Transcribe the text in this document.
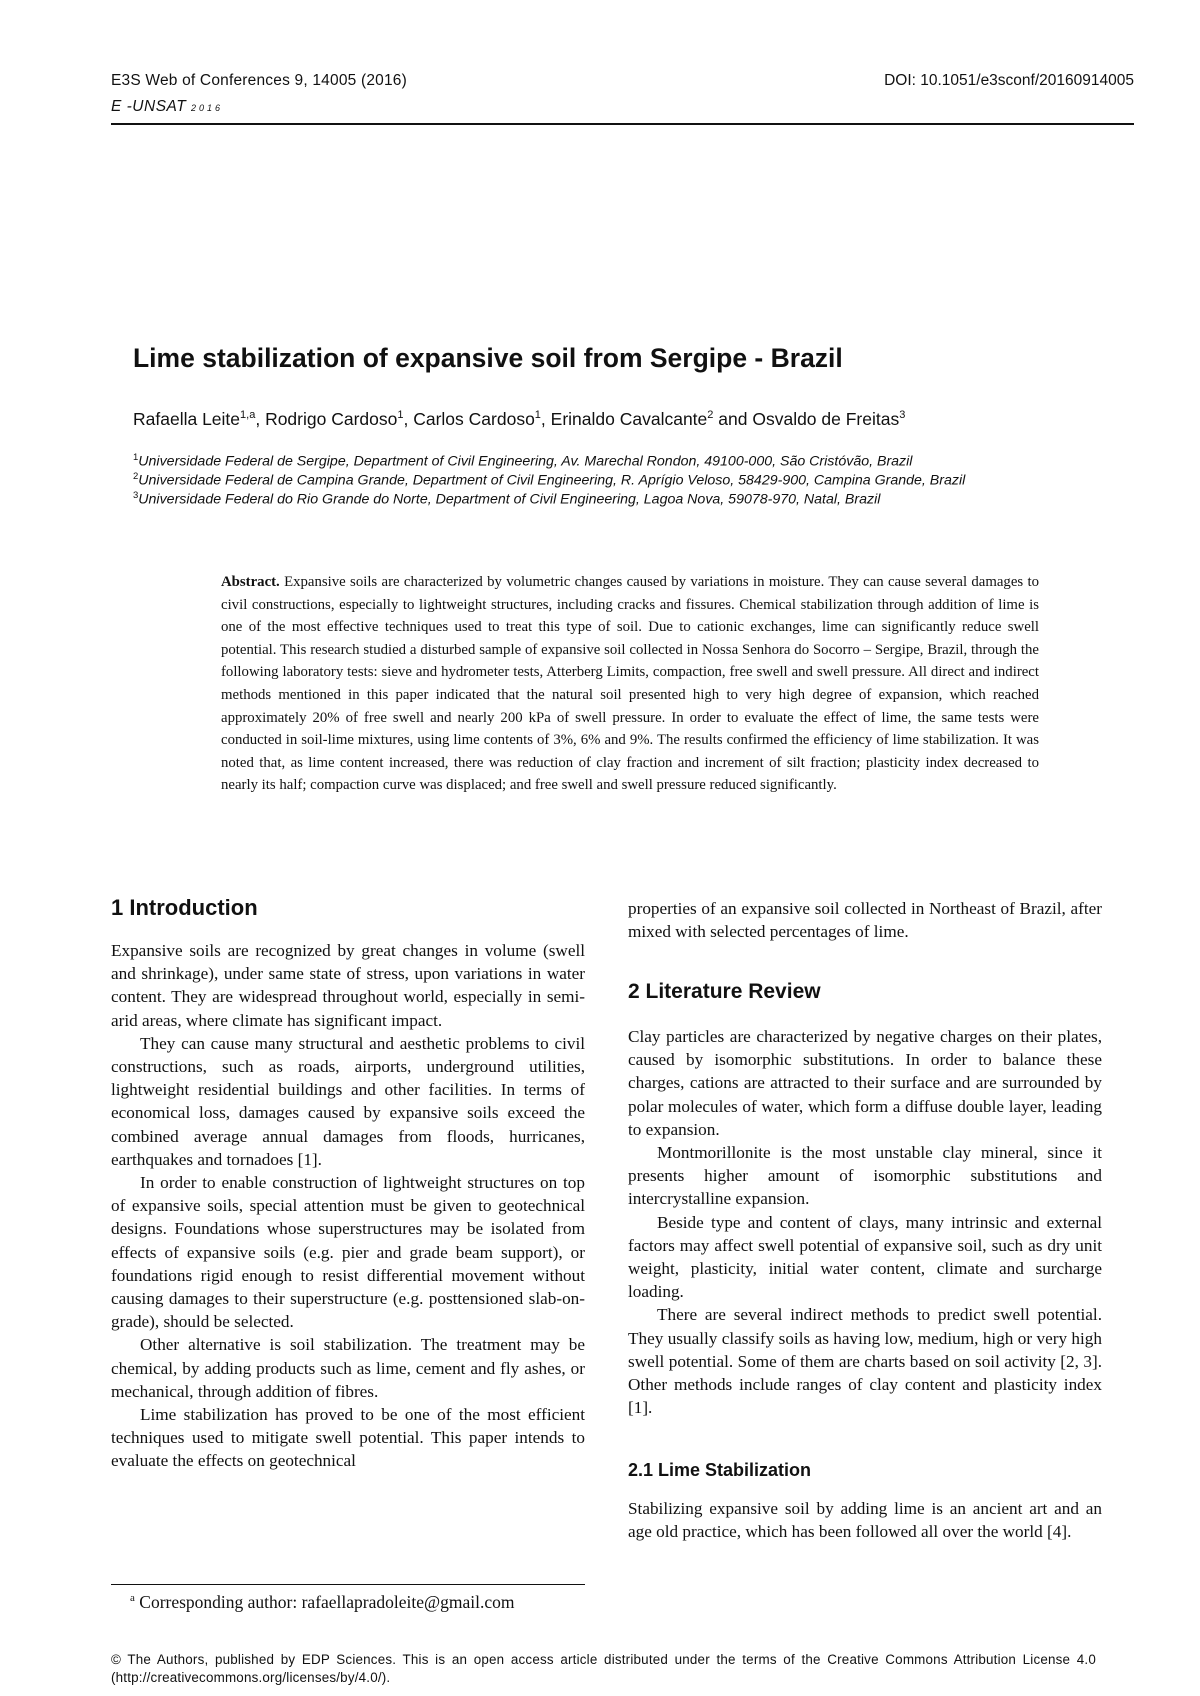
E3S Web of Conferences 9, 14005 (2016)
E -UNSAT 2016
DOI: 10.1051/e3sconf/20160914005
Lime stabilization of expansive soil from Sergipe - Brazil
Rafaella Leite$^{1,a}$, Rodrigo Cardoso$^1$, Carlos Cardoso$^1$, Erinaldo Cavalcante$^2$ and Osvaldo de Freitas$^3$
$^1$Universidade Federal de Sergipe, Department of Civil Engineering, Av. Marechal Rondon, 49100-000, São Cristóvão, Brazil
$^2$Universidade Federal de Campina Grande, Department of Civil Engineering, R. Aprígio Veloso, 58429-900, Campina Grande, Brazil
$^3$Universidade Federal do Rio Grande do Norte, Department of Civil Engineering, Lagoa Nova, 59078-970, Natal, Brazil
Abstract. Expansive soils are characterized by volumetric changes caused by variations in moisture. They can cause several damages to civil constructions, especially to lightweight structures, including cracks and fissures. Chemical stabilization through addition of lime is one of the most effective techniques used to treat this type of soil. Due to cationic exchanges, lime can significantly reduce swell potential. This research studied a disturbed sample of expansive soil collected in Nossa Senhora do Socorro – Sergipe, Brazil, through the following laboratory tests: sieve and hydrometer tests, Atterberg Limits, compaction, free swell and swell pressure. All direct and indirect methods mentioned in this paper indicated that the natural soil presented high to very high degree of expansion, which reached approximately 20% of free swell and nearly 200 kPa of swell pressure. In order to evaluate the effect of lime, the same tests were conducted in soil-lime mixtures, using lime contents of 3%, 6% and 9%. The results confirmed the efficiency of lime stabilization. It was noted that, as lime content increased, there was reduction of clay fraction and increment of silt fraction; plasticity index decreased to nearly its half; compaction curve was displaced; and free swell and swell pressure reduced significantly.
1 Introduction

Expansive soils are recognized by great changes in volume (swell and shrinkage), under same state of stress, upon variations in water content. They are widespread throughout world, especially in semi-arid areas, where climate has significant impact.

They can cause many structural and aesthetic problems to civil constructions, such as roads, airports, underground utilities, lightweight residential buildings and other facilities. In terms of economical loss, damages caused by expansive soils exceed the combined average annual damages from floods, hurricanes, earthquakes and tornadoes [1].

In order to enable construction of lightweight structures on top of expansive soils, special attention must be given to geotechnical designs. Foundations whose superstructures may be isolated from effects of expansive soils (e.g. pier and grade beam support), or foundations rigid enough to resist differential movement without causing damages to their superstructure (e.g. posttensioned slab-on-grade), should be selected.

Other alternative is soil stabilization. The treatment may be chemical, by adding products such as lime, cement and fly ashes, or mechanical, through addition of fibres.

Lime stabilization has proved to be one of the most efficient techniques used to mitigate swell potential. This paper intends to evaluate the effects on geotechnical

properties of an expansive soil collected in Northeast of Brazil, after mixed with selected percentages of lime.

2 Literature Review

Clay particles are characterized by negative charges on their plates, caused by isomorphic substitutions. In order to balance these charges, cations are attracted to their surface and are surrounded by polar molecules of water, which form a diffuse double layer, leading to expansion.

Montmorillonite is the most unstable clay mineral, since it presents higher amount of isomorphic substitutions and intercrystalline expansion.

Beside type and content of clays, many intrinsic and external factors may affect swell potential of expansive soil, such as dry unit weight, plasticity, initial water content, climate and surcharge loading.

There are several indirect methods to predict swell potential. They usually classify soils as having low, medium, high or very high swell potential. Some of them are charts based on soil activity [2, 3]. Other methods include ranges of clay content and plasticity index [1].

2.1 Lime Stabilization

Stabilizing expansive soil by adding lime is an ancient art and an age old practice, which has been followed all over the world [4].

$^a$ Corresponding author: rafaellapradoleite@gmail.com
© The Authors, published by EDP Sciences. This is an open access article distributed under the terms of the Creative Commons Attribution License 4.0 (http://creativecommons.org/licenses/by/4.0/).
